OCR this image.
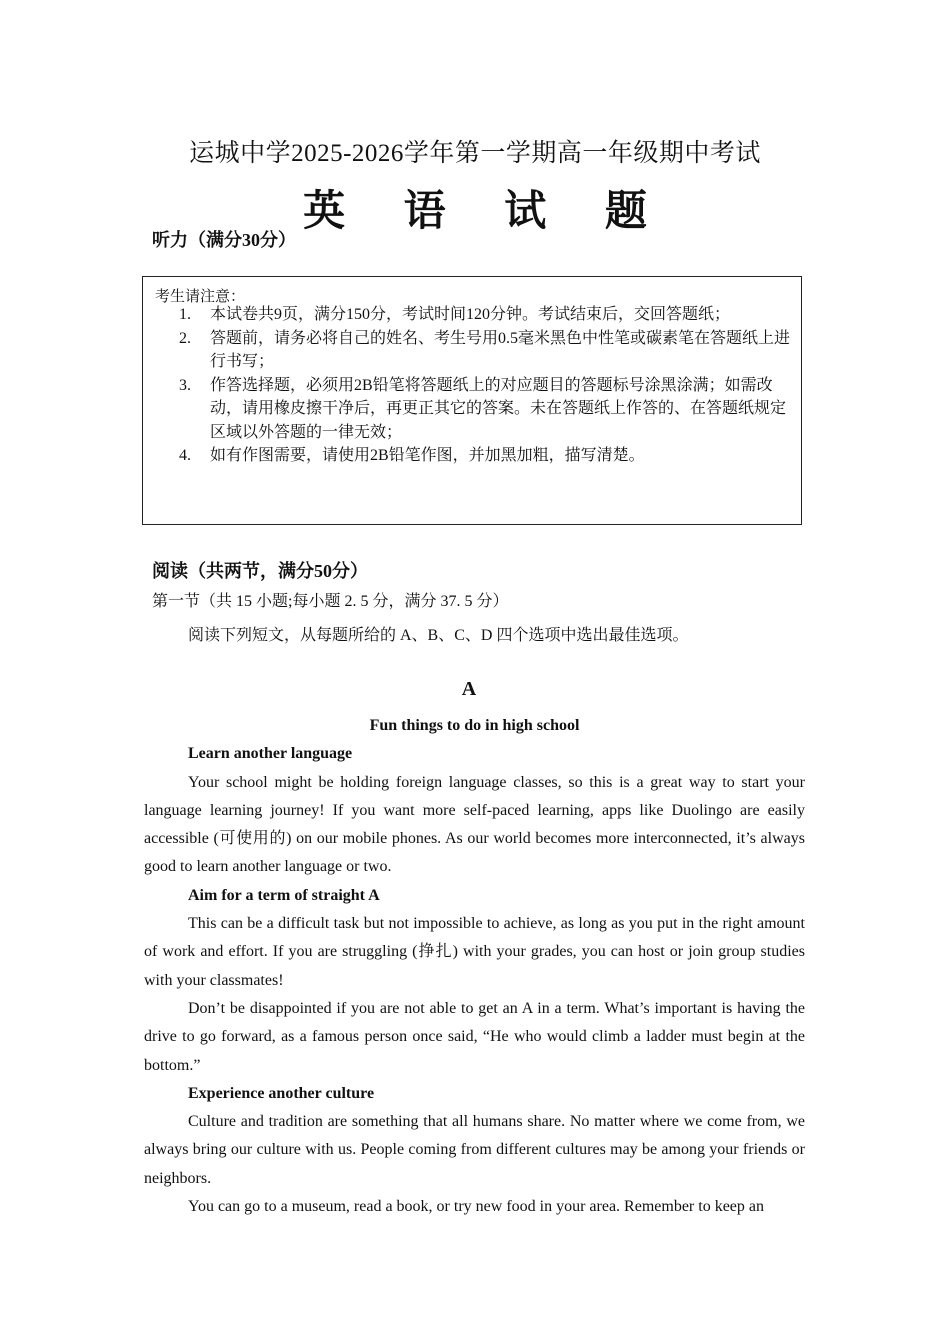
运城中学2025-2026学年第一学期高一年级期中考试
英 语 试 题
听力（满分30分）
考生请注意：
1. 本试卷共9页，满分150分，考试时间120分钟。考试结束后，交回答题纸；
2. 答题前，请务必将自己的姓名、考生号用0.5毫米黑色中性笔或碳素笔在答题纸上进行书写；
3. 作答选择题，必须用2B铅笔将答题纸上的对应题目的答题标号涂黑涂满；如需改动，请用橡皮擦干净后，再更正其它的答案。未在答题纸上作答的、在答题纸规定区域以外答题的一律无效；
4. 如有作图需要，请使用2B铅笔作图，并加黑加粗，描写清楚。
阅读（共两节，满分50分）
第一节（共 15 小题;每小题 2. 5 分，满分 37. 5 分）
阅读下列短文，从每题所给的 A、B、C、D 四个选项中选出最佳选项。
A
Fun things to do in high school
Learn another language

Your school might be holding foreign language classes, so this is a great way to start your language learning journey! If you want more self-paced learning, apps like Duolingo are easily accessible (可使用的) on our mobile phones. As our world becomes more interconnected, it’s always good to learn another language or two.

Aim for a term of straight A

This can be a difficult task but not impossible to achieve, as long as you put in the right amount of work and effort. If you are struggling (挣扎) with your grades, you can host or join group studies with your classmates!

Don’t be disappointed if you are not able to get an A in a term. What’s important is having the drive to go forward, as a famous person once said, “He who would climb a ladder must begin at the bottom.”

Experience another culture

Culture and tradition are something that all humans share. No matter where we come from, we always bring our culture with us. People coming from different cultures may be among your friends or neighbors.

You can go to a museum, read a book, or try new food in your area. Remember to keep an
